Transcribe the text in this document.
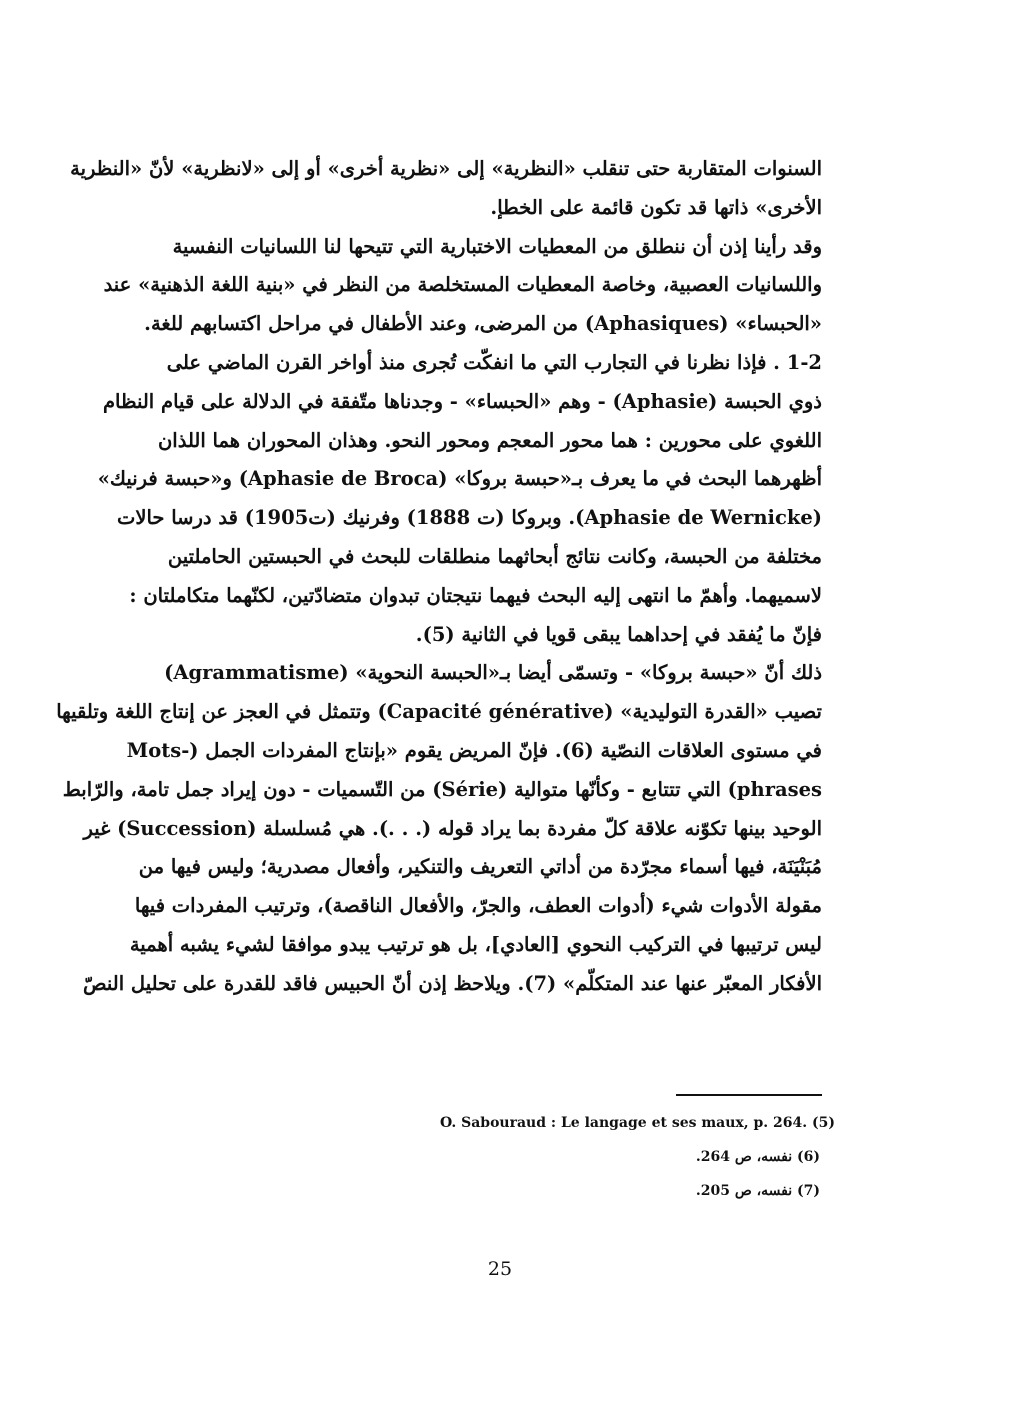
السنوات المتقاربة حتى تنقلب «النظرية» إلى «نظرية أخرى» أو إلى «لانظرية» لأنّ «النظرية
الأخرى» ذاتها قد تكون قائمة على الخطإ.
وقد رأينا إذن أن ننطلق من المعطيات الاختبارية التي تتيحها لنا اللسانيات النفسية
واللسانيات العصبية، وخاصة المعطيات المستخلصة من النظر في «بنية اللغة الذهنية» عند
«الحبساء» (Aphasiques) من المرضى، وعند الأطفال في مراحل اكتسابهم للغة.
1-2 . فإذا نظرنا في التجارب التي ما انفكّت تُجرى منذ أواخر القرن الماضي على
ذوي الحبسة (Aphasie) - وهم «الحبساء» - وجدناها متّفقة في الدلالة على قيام النظام
اللغوي على محورين : هما محور المعجم ومحور النحو. وهذان المحوران هما اللذان
أظهرهما البحث في ما يعرف بـ«حبسة بروكا» (Aphasie de Broca) و«حبسة فرنيك»
(Aphasie de Wernicke). وبروكا (ت 1888) وفرنيك (ت1905) قد درسا حالات
مختلفة من الحبسة، وكانت نتائج أبحاثهما منطلقات للبحث في الحبستين الحاملتين
لاسميهما. وأهمّ ما انتهى إليه البحث فيهما نتيجتان تبدوان متضادّتين، لكنّهما متكاملتان :
فإنّ ما يُفقد في إحداهما يبقى قويا في الثانية (5).
ذلك أنّ «حبسة بروكا» - وتسمّى أيضا بـ«الحبسة النحوية» (Agrammatisme)
تصيب «القدرة التوليدية» (Capacité générative) وتتمثل في العجز عن إنتاج اللغة وتلقيها
في مستوى العلاقات النصّية (6). فإنّ المريض يقوم «بإنتاج المفردات الجمل (-Mots
phrases) التي تتتابع - وكأنّها متوالية (Série) من التّسميات - دون إيراد جمل تامة، والرّابط
الوحيد بينها تكوّنه علاقة كلّ مفردة بما يراد قوله (. . .). هي مُسلسلة (Succession) غير
مُبَنْيَنَة، فيها أسماء مجرّدة من أداتي التعريف والتنكير، وأفعال مصدرية؛ وليس فيها من
مقولة الأدوات شيء (أدوات العطف، والجرّ، والأفعال الناقصة)، وترتيب المفردات فيها
ليس ترتيبها في التركيب النحوي [العادي]، بل هو ترتيب يبدو موافقا لشيء يشبه أهمية
الأفكار المعبّر عنها عند المتكلّم» (7). ويلاحظ إذن أنّ الحبيس فاقد للقدرة على تحليل النصّ
O. Sabouraud : Le langage et ses maux, p. 264. (5)
(6) نفسه، ص 264.
(7) نفسه، ص 205.
25
